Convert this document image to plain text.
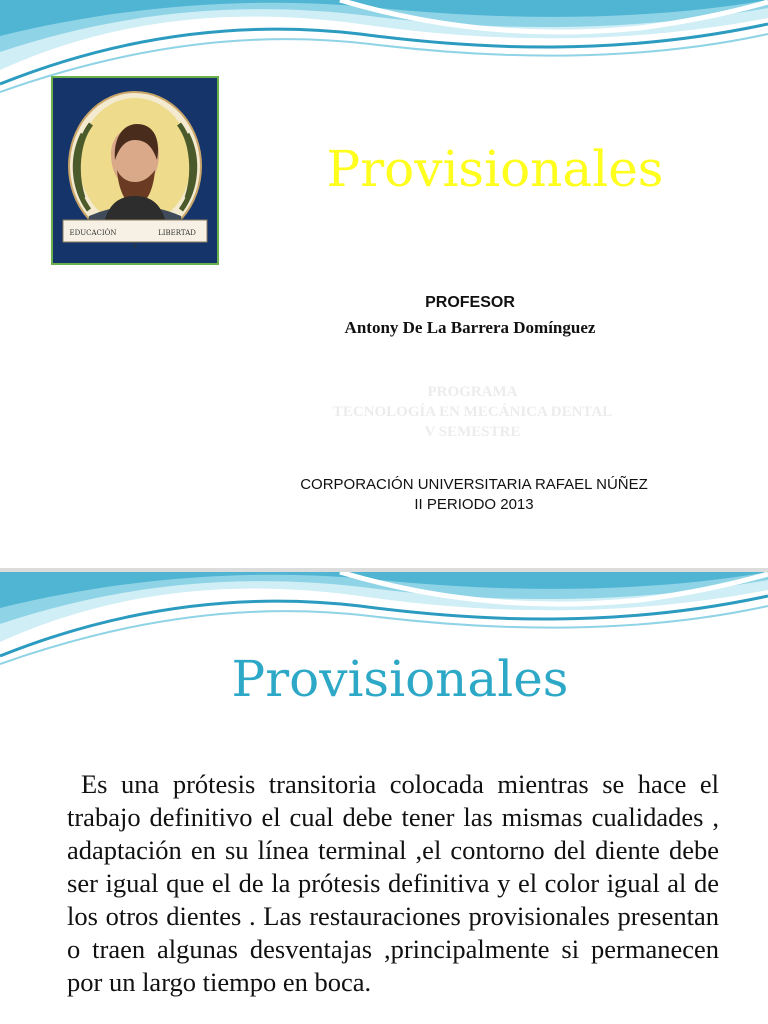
EDUCACIÓN
Y
LIBERTAD
Provisionales
PROFESOR
Antony De La Barrera Domínguez
PROGRAMA
TECNOLOGÍA EN MECÁNICA DENTAL
V SEMESTRE
CORPORACIÓN UNIVERSITARIA RAFAEL NÚÑEZ
II PERIODO 2013
Provisionales
Es una prótesis transitoria colocada mientras se hace el trabajo definitivo el cual debe tener las mismas cualidades , adaptación en su línea terminal ,el contorno del diente debe ser igual que el de la prótesis definitiva y el color igual al de los otros dientes . Las restauraciones provisionales presentan o traen algunas desventajas ,principalmente si permanecen por un largo tiempo en boca.
